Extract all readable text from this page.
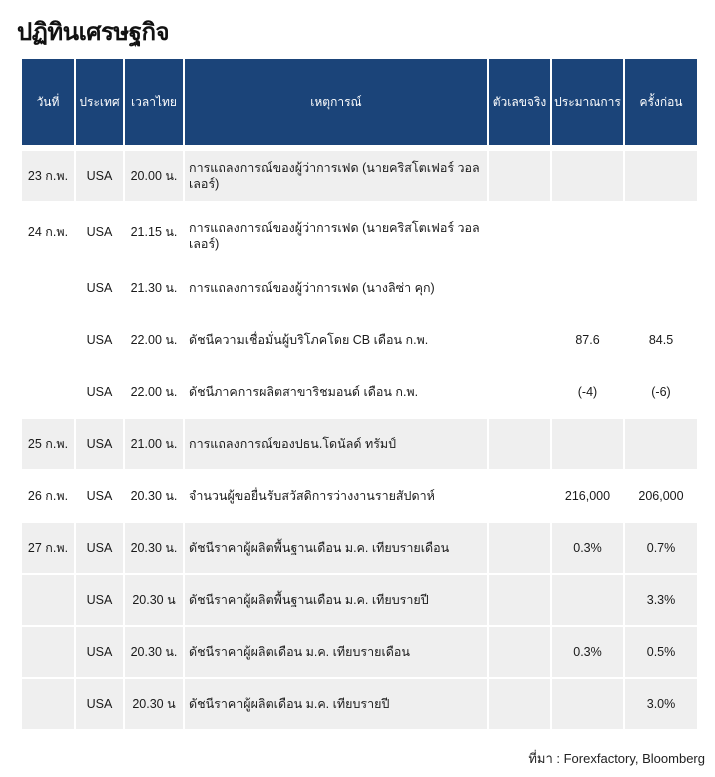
ปฏิทินเศรษฐกิจ
วันที่	ประเทศ	เวลาไทย	เหตุการณ์	ตัวเลขจริง	ประมาณการ	ครั้งก่อน

23 ก.พ.	USA	20.00 น.	การแถลงการณ์ของผู้ว่าการเฟด (นายคริสโตเฟอร์ วอลเลอร์)			
24 ก.พ.	USA	21.15 น.	การแถลงการณ์ของผู้ว่าการเฟด (นายคริสโตเฟอร์ วอลเลอร์)			
	USA	21.30 น.	การแถลงการณ์ของผู้ว่าการเฟด (นางลิซ่า คุก)			
	USA	22.00 น.	ดัชนีความเชื่อมั่นผู้บริโภคโดย CB เดือน ก.พ.		87.6	84.5
	USA	22.00 น.	ดัชนีภาคการผลิตสาขาริชมอนด์ เดือน ก.พ.		(-4)	(-6)
25 ก.พ.	USA	21.00 น.	การแถลงการณ์ของปธน.โดนัลด์ ทรัมป์			
26 ก.พ.	USA	20.30 น.	จำนวนผู้ขอยื่นรับสวัสดิการว่างงานรายสัปดาห์		216,000	206,000
27 ก.พ.	USA	20.30 น.	ดัชนีราคาผู้ผลิตพื้นฐานเดือน ม.ค. เทียบรายเดือน		0.3%	0.7%
	USA	20.30 น	ดัชนีราคาผู้ผลิตพื้นฐานเดือน ม.ค. เทียบรายปี			3.3%
	USA	20.30 น.	ดัชนีราคาผู้ผลิตเดือน ม.ค. เทียบรายเดือน		0.3%	0.5%
	USA	20.30 น	ดัชนีราคาผู้ผลิตเดือน ม.ค. เทียบรายปี			3.0%
ที่มา : Forexfactory, Bloomberg
